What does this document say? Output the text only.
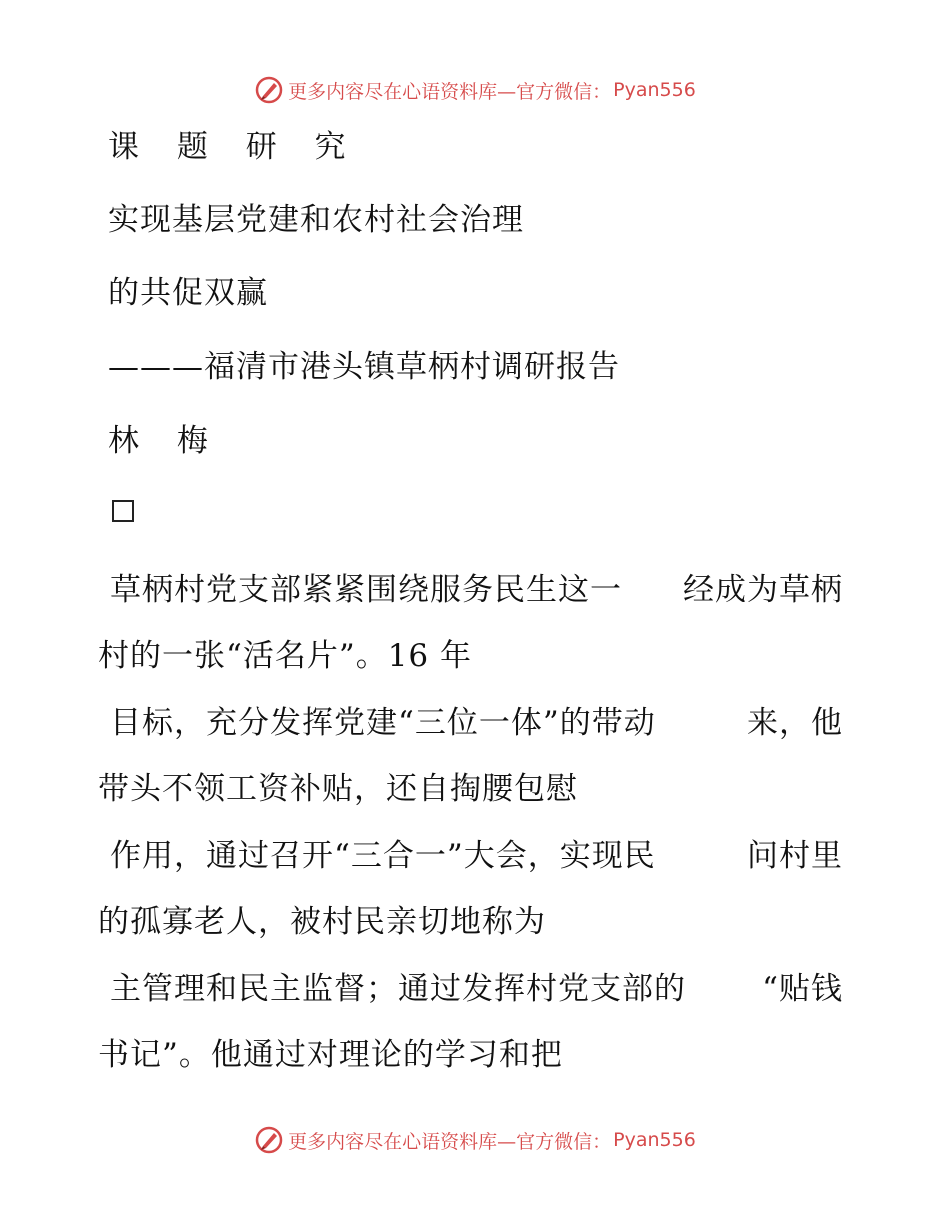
更多内容尽在心语资料库—官方微信： Pyan556
课 题 研 究
实现基层党建和农村社会治理
的共促双赢
———福清市港头镇草柄村调研报告
林 梅
草柄村党支部紧紧围绕服务民生这一 经成为草柄
村的一张“活名片”。16 年
目标，充分发挥党建“三位一体”的带动	来，他
带头不领工资补贴，还自掏腰包慰
作用，通过召开“三合一”大会，实现民	问村里
的孤寡老人，被村民亲切地称为
主管理和民主监督；通过发挥村党支部的 “贴钱
书记”。他通过对理论的学习和把
更多内容尽在心语资料库—官方微信： Pyan556
